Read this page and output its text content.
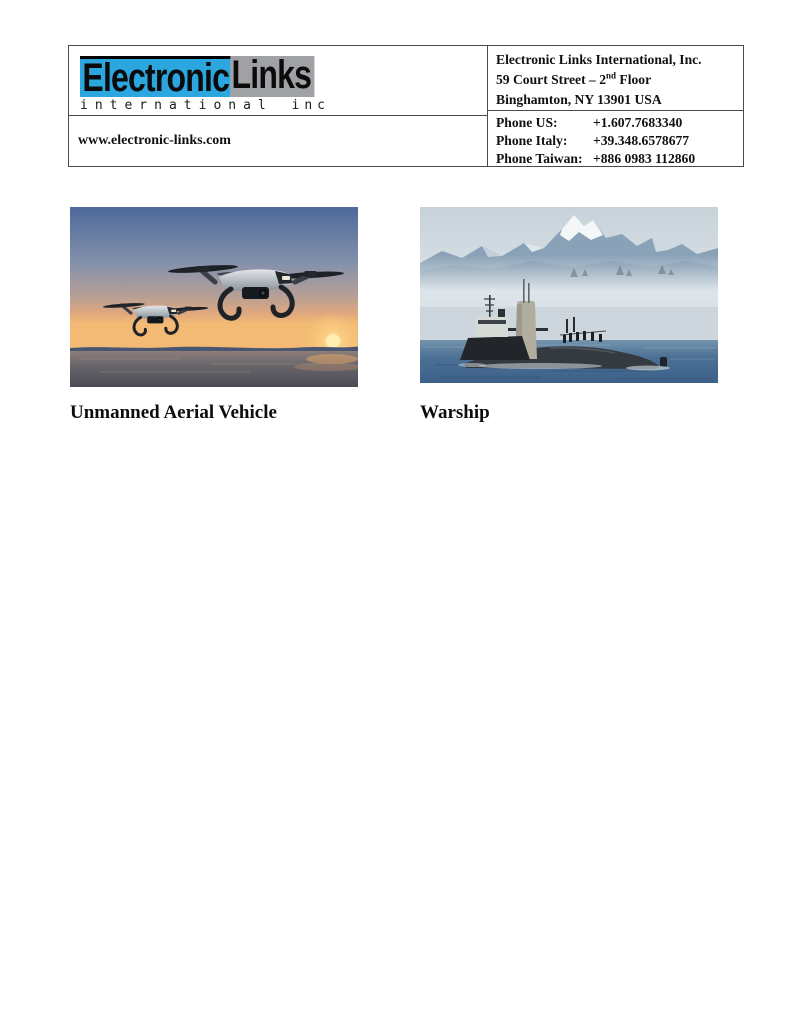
Electronic Links
international inc
www.electronic-links.com
Electronic Links International, Inc.
59 Court Street – 2nd Floor
Binghamton, NY 13901 USA
Phone US:	+1.607.7683340
Phone Italy:	+39.348.6578677
Phone Taiwan: +886 0983 112860
Unmanned Aerial Vehicle	Warship
